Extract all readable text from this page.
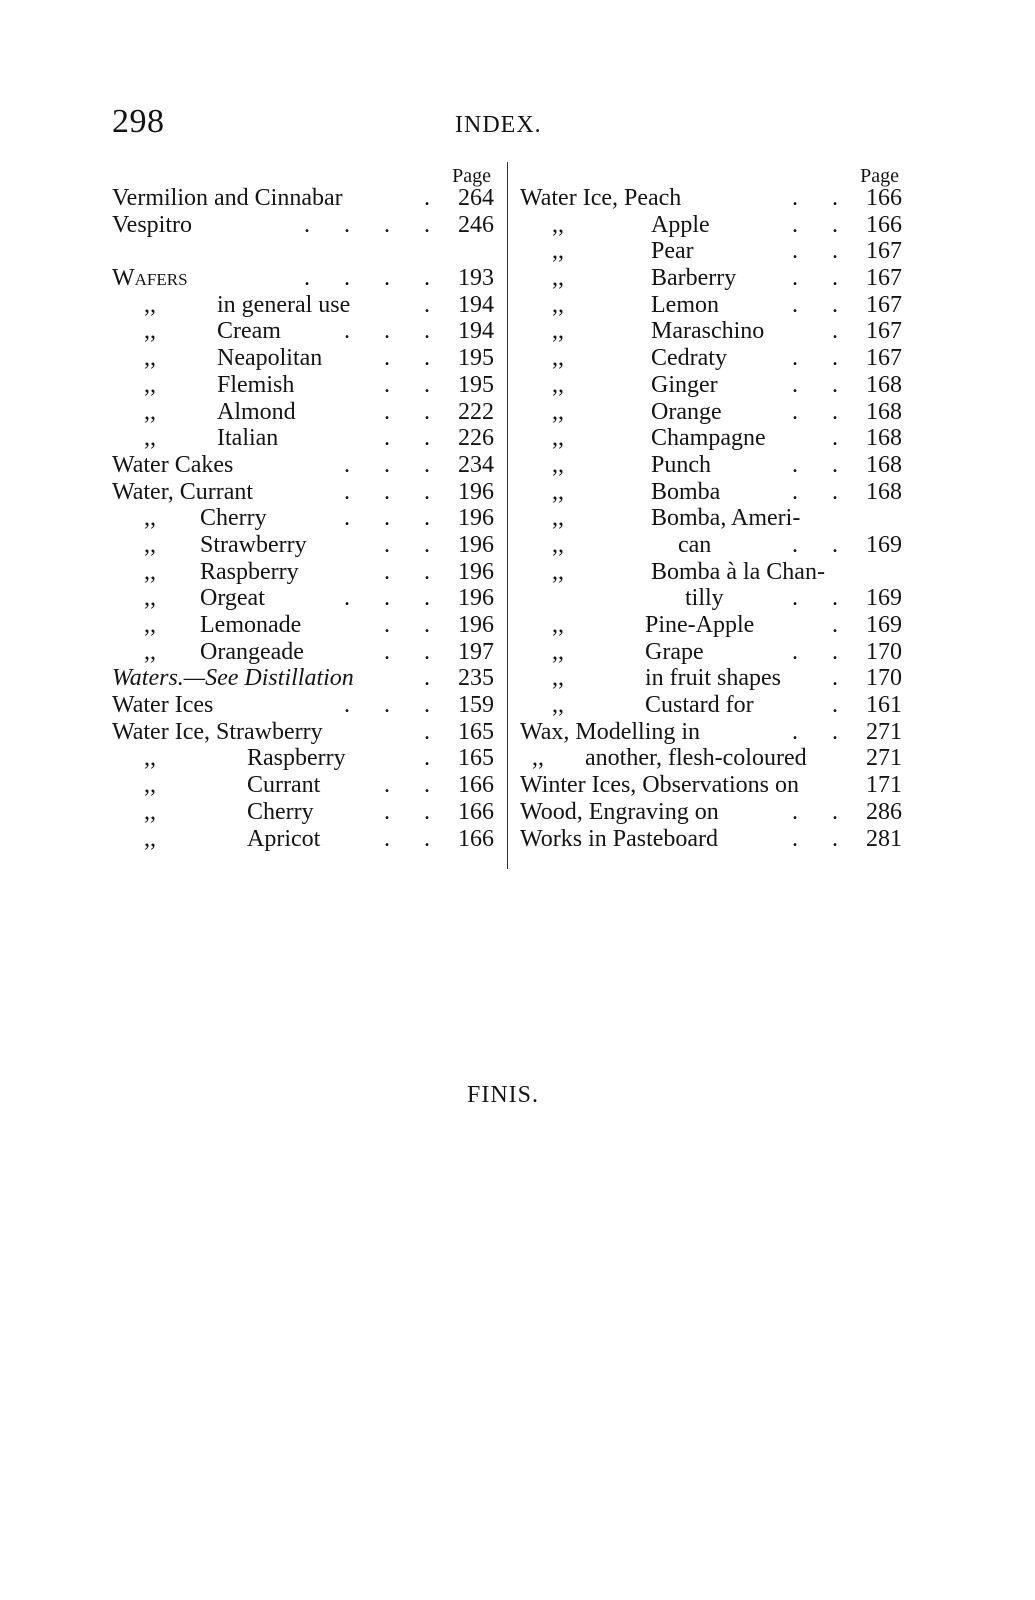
298	INDEX.
Page
Vermilion and Cinnabar	. 264
Vespitro	. . . . 246
Wafers	. . . . 193
,,	in general use	. 194
,,	Cream	. . . 194
,,	Neapolitan	. . 195
,,	Flemish	. . 195
,,	Almond	. . 222
,,	Italian	. . 226
Water Cakes	. . . 234
Water, Currant	. . . 196
,, Cherry	. . . 196
,, Strawberry	. . 196
,, Raspberry	. . 196
,, Orgeat	. . . 196
,, Lemonade	. . 196
,, Orangeade	. . 197
Waters.—See Distillation	. 235
Water Ices	. . . 159
Water Ice, Strawberry	. 165
,,	Raspberry	. 165
,,	Currant	. . 166
,,	Cherry	. . 166
,,	Apricot	. . 166
Page
Water Ice, Peach	. . 166
,,	Apple	. . 166
,,	Pear	. . 167
,,	Barberry . . 167
,,	Lemon	. . 167
,,	Maraschino	. 167
,,	Cedraty	. . 167
,,	Ginger	. . 168
,,	Orange	. . 168
,,	Champagne	. 168
,,	Punch	. . 168
,,	Bomba	. . 168
,,	Bomba, Ameri-
,,	can	. . 169
,,	Bomba à la Chan-
tilly	. . 169
,,	Pine-Apple	. 169
,,	Grape	. . 170
,,	in fruit shapes . 170
,,	Custard for	. 161
Wax, Modelling in	. . 271
,, another, flesh-coloured 271
Winter Ices, Observations on	171
Wood, Engraving on	. . 286
Works in Pasteboard	. . 281
FINIS.
